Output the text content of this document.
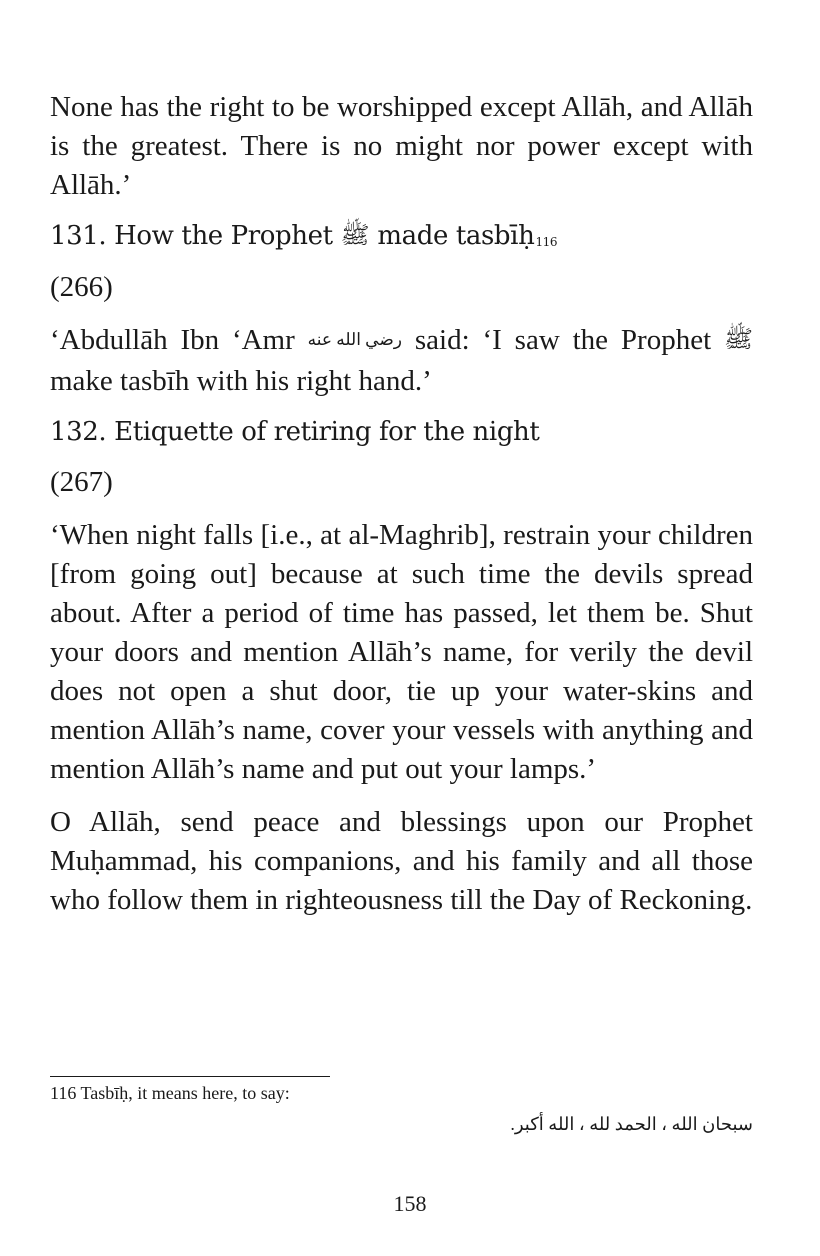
None has the right to be worshipped except Allāh, and Allāh is the greatest. There is no might nor power except with Allāh.’

131. How the Prophet ﷺ made tasbīḥ$^{116}$

(266)

‘Abdullāh Ibn ‘Amr رضي الله عنه said: ‘I saw the Prophet ﷺ make tasbīh with his right hand.’

132. Etiquette of retiring for the night

(267)

‘When night falls [i.e., at al-Maghrib], restrain your children [from going out] because at such time the devils spread about. After a period of time has passed, let them be. Shut your doors and mention Allāh’s name, for verily the devil does not open a shut door, tie up your water-skins and mention Allāh’s name, cover your vessels with anything and mention Allāh’s name and put out your lamps.’

O Allāh, send peace and blessings upon our Prophet Muḥammad, his companions, and his family and all those who follow them in righteousness till the Day of Reckoning.

116 Tasbīḥ, it means here, to say:

سبحان الله ، الحمد لله ، الله أكبر.

158
